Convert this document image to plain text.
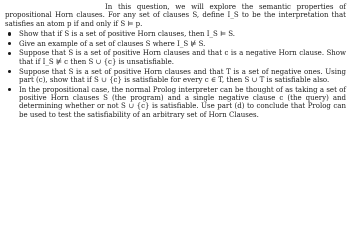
In this question, we will explore the semantic properties of propositional Horn clauses. For any set of clauses S, define I_S to be the interpretation that satisfies an atom p if and only if S ⊨ p.

Show that if S is a set of positive Horn clauses, then I_S ⊨ S.
Give an example of a set of clauses S where I_S ⊭ S.
Suppose that S is a set of positive Horn clauses and that c is a negative Horn clause. Show that if I_S ⊭ c then S ∪ {c} is unsatisfiable.
Suppose that S is a set of positive Horn clauses and that T is a set of negative ones. Using part (c), show that if S ∪ {c} is satisfiable for every c ∈ T, then S ∪ T is satisfiable also.
In the propositional case, the normal Prolog interpreter can be thought of as taking a set of positive Horn clauses S (the program) and a single negative clause c (the query) and determining whether or not S ∪ {c} is satisfiable. Use part (d) to conclude that Prolog can be used to test the satisfiability of an arbitrary set of Horn Clauses.
